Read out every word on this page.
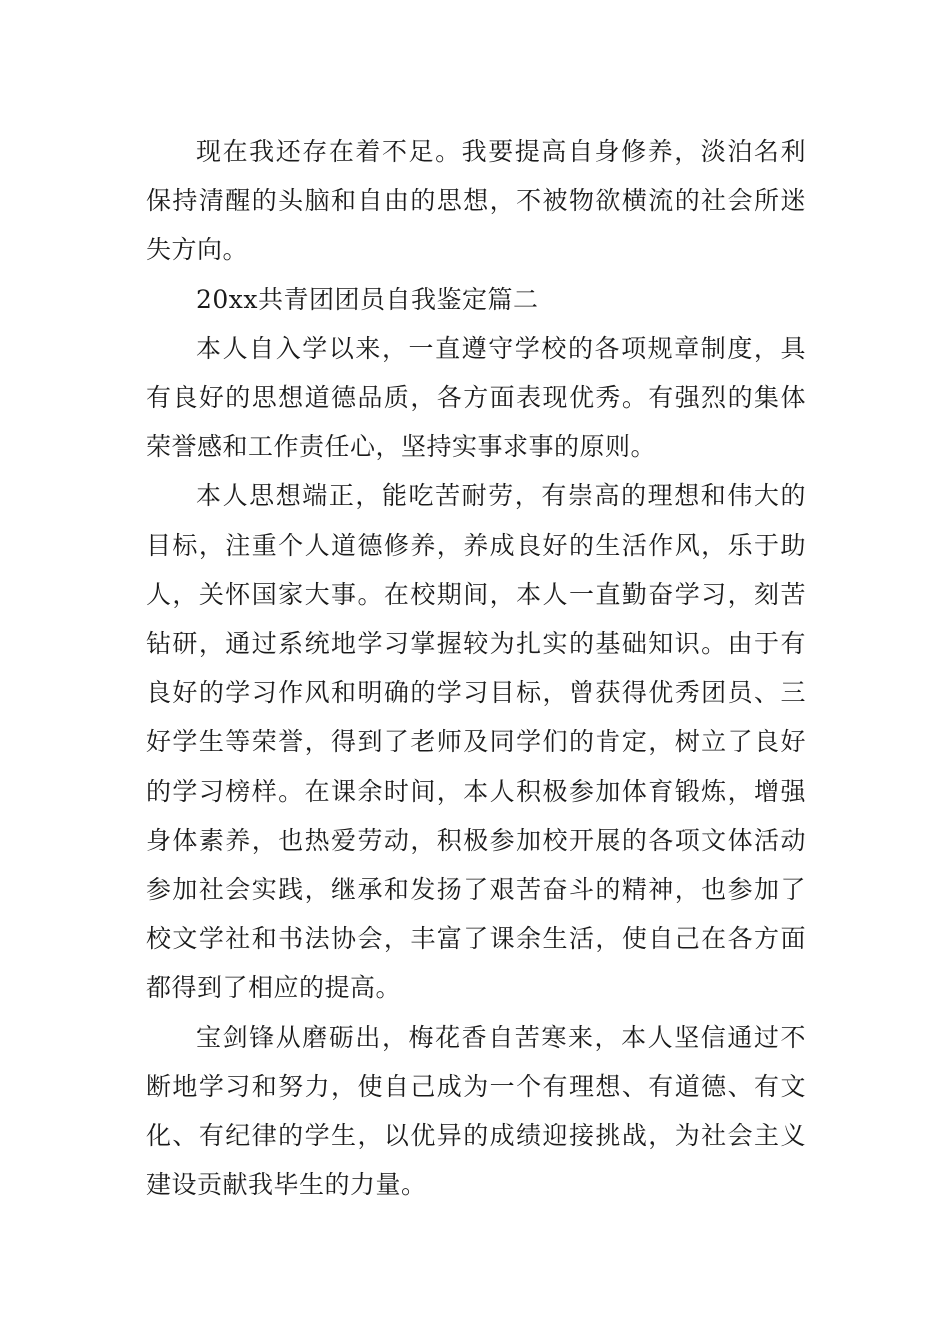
现在我还存在着不足。我要提高自身修养，淡泊名利保持清醒的头脑和自由的思想，不被物欲横流的社会所迷失方向。

20xx共青团团员自我鉴定篇二

本人自入学以来，一直遵守学校的各项规章制度，具有良好的思想道德品质，各方面表现优秀。有强烈的集体荣誉感和工作责任心，坚持实事求事的原则。

本人思想端正，能吃苦耐劳，有崇高的理想和伟大的目标，注重个人道德修养，养成良好的生活作风，乐于助人，关怀国家大事。在校期间，本人一直勤奋学习，刻苦钻研，通过系统地学习掌握较为扎实的基础知识。由于有良好的学习作风和明确的学习目标，曾获得优秀团员、三好学生等荣誉，得到了老师及同学们的肯定，树立了良好的学习榜样。在课余时间，本人积极参加体育锻炼，增强身体素养，也热爱劳动，积极参加校开展的各项文体活动参加社会实践，继承和发扬了艰苦奋斗的精神，也参加了校文学社和书法协会，丰富了课余生活，使自己在各方面都得到了相应的提高。

宝剑锋从磨砺出，梅花香自苦寒来，本人坚信通过不断地学习和努力，使自己成为一个有理想、有道德、有文化、有纪律的学生，以优异的成绩迎接挑战，为社会主义建设贡献我毕生的力量。
